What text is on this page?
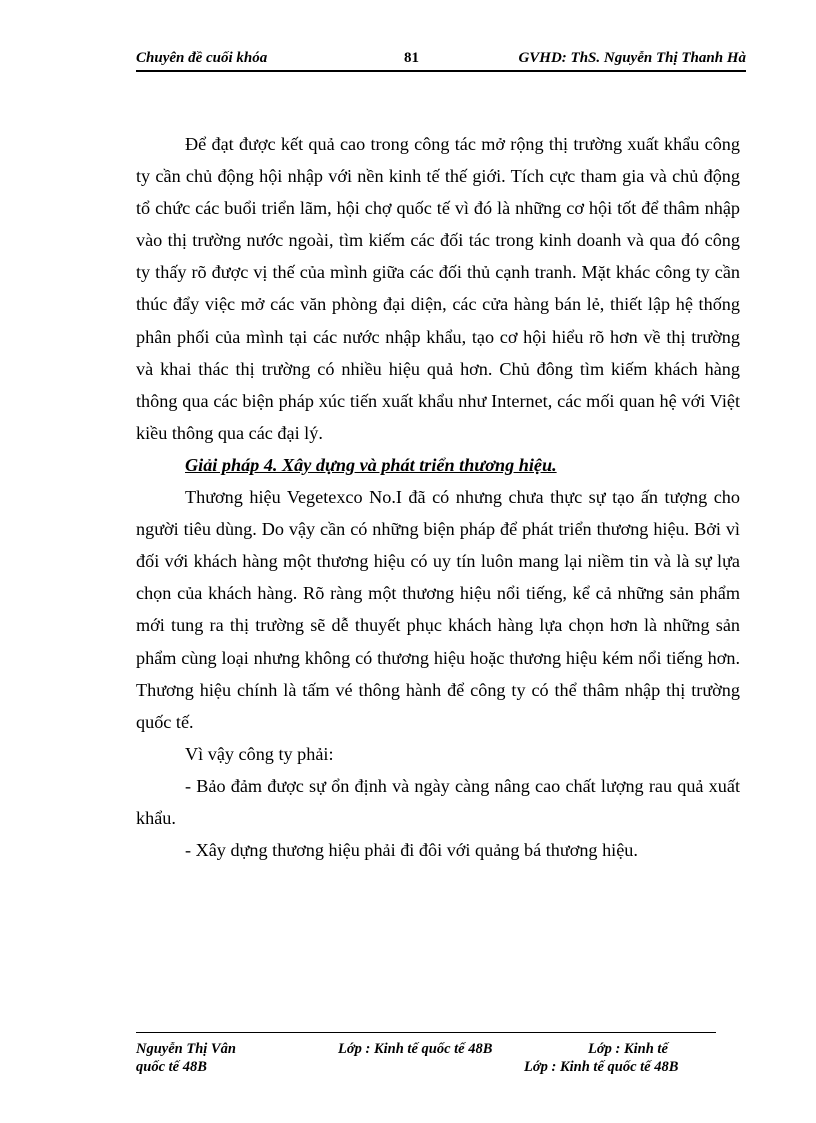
Chuyên đề cuối khóa	81	GVHD: ThS. Nguyễn Thị Thanh Hà

Để đạt được kết quả cao trong công tác mở rộng thị trường xuất khẩu công ty cần chủ động hội nhập với nền kinh tế thế giới. Tích cực tham gia và chủ động tổ chức các buổi triển lãm, hội chợ quốc tế vì đó là những cơ hội tốt để thâm nhập vào thị trường nước ngoài, tìm kiếm các đối tác trong kinh doanh và qua đó công ty thấy rõ được vị thế của mình giữa các đối thủ cạnh tranh. Mặt khác công ty cần thúc đẩy việc mở các văn phòng đại diện, các cửa hàng bán lẻ, thiết lập hệ thống phân phối của mình tại các nước nhập khẩu, tạo cơ hội hiểu rõ hơn về thị trường và khai thác thị trường có nhiều hiệu quả hơn. Chủ đông tìm kiếm khách hàng thông qua các biện pháp xúc tiến xuất khẩu như Internet, các mối quan hệ với Việt kiều thông qua các đại lý.

Giải pháp 4. Xây dựng và phát triển thương hiệu.

Thương hiệu Vegetexco No.I đã có nhưng chưa thực sự tạo ấn tượng cho người tiêu dùng. Do vậy cần có những biện pháp để phát triển thương hiệu. Bởi vì đối với khách hàng một thương hiệu có uy tín luôn mang lại niềm tin và là sự lựa chọn của khách hàng. Rõ ràng một thương hiệu nổi tiếng, kể cả những sản phẩm mới tung ra thị trường sẽ dễ thuyết phục khách hàng lựa chọn hơn là những sản phẩm cùng loại nhưng không có thương hiệu hoặc thương hiệu kém nổi tiếng hơn. Thương hiệu chính là tấm vé thông hành để công ty có thể thâm nhập thị trường quốc tế.

Vì vậy công ty phải:

- Bảo đảm được sự ổn định và ngày càng nâng cao chất lượng rau quả xuất khẩu.

- Xây dựng thương hiệu phải đi đôi với quảng bá thương hiệu.

Nguyễn Thị Vân	Lớp : Kinh tế quốc tế 48B	Lớp : Kinh tế
quốc tế 48B	Lớp : Kinh tế quốc tế 48B
